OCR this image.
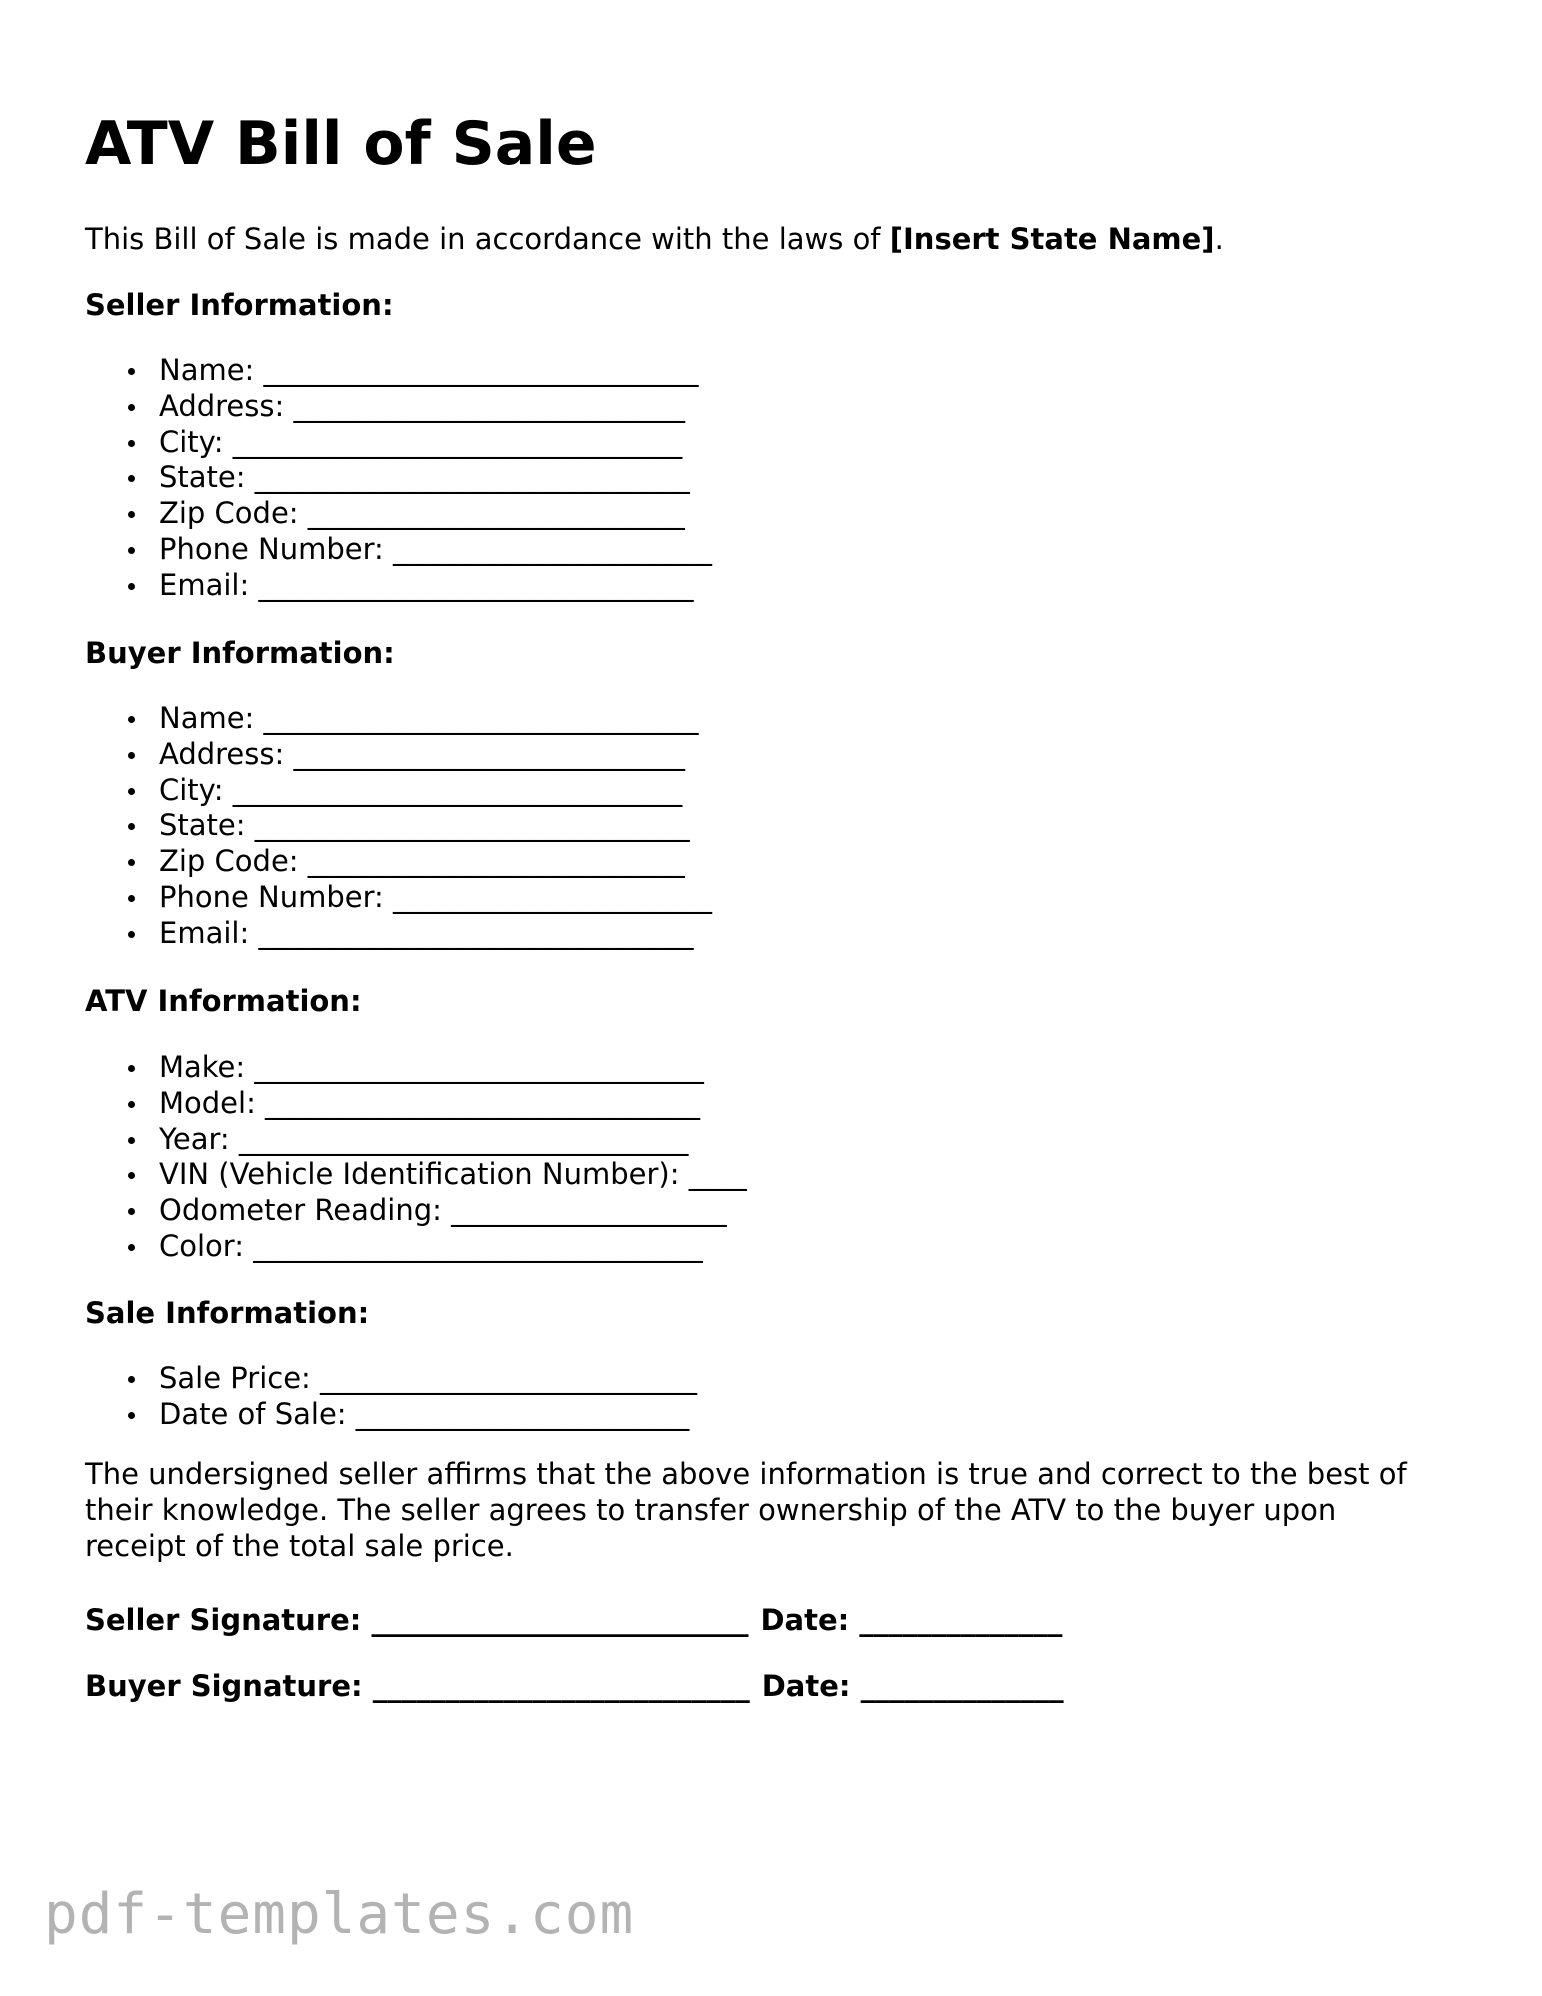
ATV Bill of Sale

This Bill of Sale is made in accordance with the laws of [Insert State Name].

Seller Information:

Name: ______________________________
Address: ___________________________
City: _______________________________
State: ______________________________
Zip Code: __________________________
Phone Number: ______________________
Email: ______________________________

Buyer Information:

Name: ______________________________
Address: ___________________________
City: _______________________________
State: ______________________________
Zip Code: __________________________
Phone Number: ______________________
Email: ______________________________

ATV Information:

Make: _______________________________
Model: ______________________________
Year: _______________________________
VIN (Vehicle Identification Number): ____
Odometer Reading: ___________________
Color: _______________________________

Sale Information:

Sale Price: __________________________
Date of Sale: _______________________

The undersigned seller affirms that the above information is true and correct to the best of their knowledge. The seller agrees to transfer ownership of the ATV to the buyer upon receipt of the total sale price.

Seller Signature: __________________________ Date: ______________

Buyer Signature: __________________________ Date: ______________

pdf-templates.com
